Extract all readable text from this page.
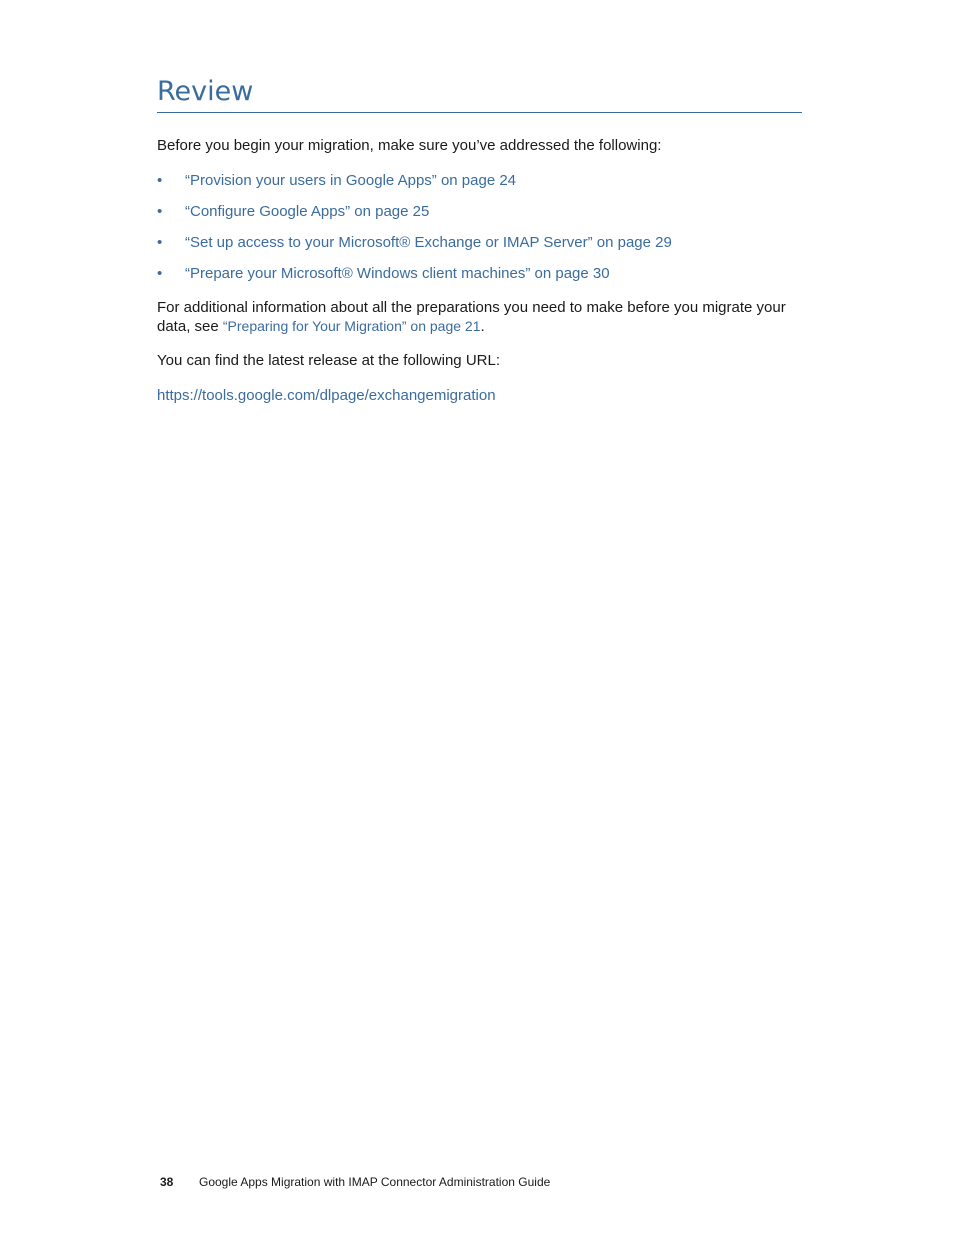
Review

Before you begin your migration, make sure you’ve addressed the following:

• “Provision your users in Google Apps” on page 24
• “Configure Google Apps” on page 25
• “Set up access to your Microsoft® Exchange or IMAP Server” on page 29
• “Prepare your Microsoft® Windows client machines” on page 30

For additional information about all the preparations you need to make before you migrate your data, see “Preparing for Your Migration” on page 21.

You can find the latest release at the following URL:

https://tools.google.com/dlpage/exchangemigration
38 Google Apps Migration with IMAP Connector Administration Guide
